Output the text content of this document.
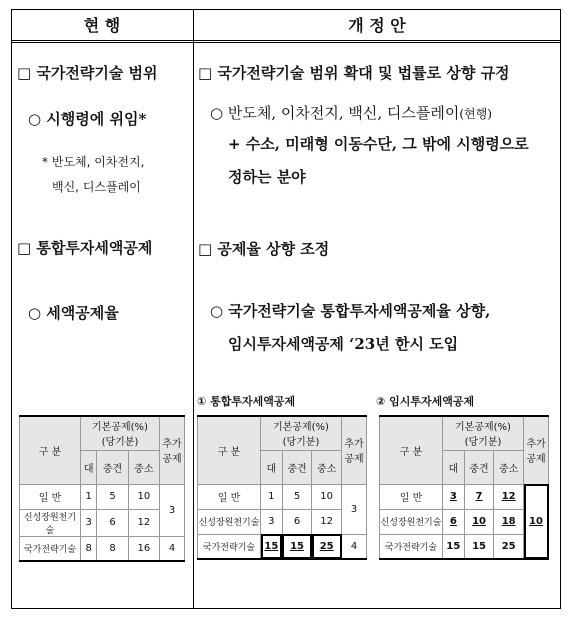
현 행	개 정 안
□ 국가전략기술 범위
○ 시행령에 위임*
* 반도체, 이차전지,
백신, 디스플레이
□ 통합투자세액공제
○ 세액공제율
□ 국가전략기술 범위 확대 및 법률로 상향 규정
○ 반도체, 이차전지, 백신, 디스플레이(현행)
+ 수소, 미래형 이동수단, 그 밖에 시행령으로
정하는 분야
□ 공제율 상향 조정
○ 국가전략기술 통합투자세액공제율 상향,
임시투자세액공제 ‘23년 한시 도입
① 통합투자세액공제	② 임시투자세액공제
구 분	기본공제(%)
(당기분)			추가공제
	대	중견	중소	
일 반	1	5	10	3
신성장원천기술	3	6	12	
국가전략기술	8	8	16	4
구 분	기본공제(%)
(당기분)			추가공제
	대	중견	중소	
일 반	1	5	10	3
신성장원천기술	3	6	12	
국가전략기술	15	15	25	4
구 분	기본공제(%)
(당기분)			추가공제
	대	중견	중소	
일 반	3	7	12	10
신성장원천기술	6	10	18	
국가전략기술	15	15	25	
